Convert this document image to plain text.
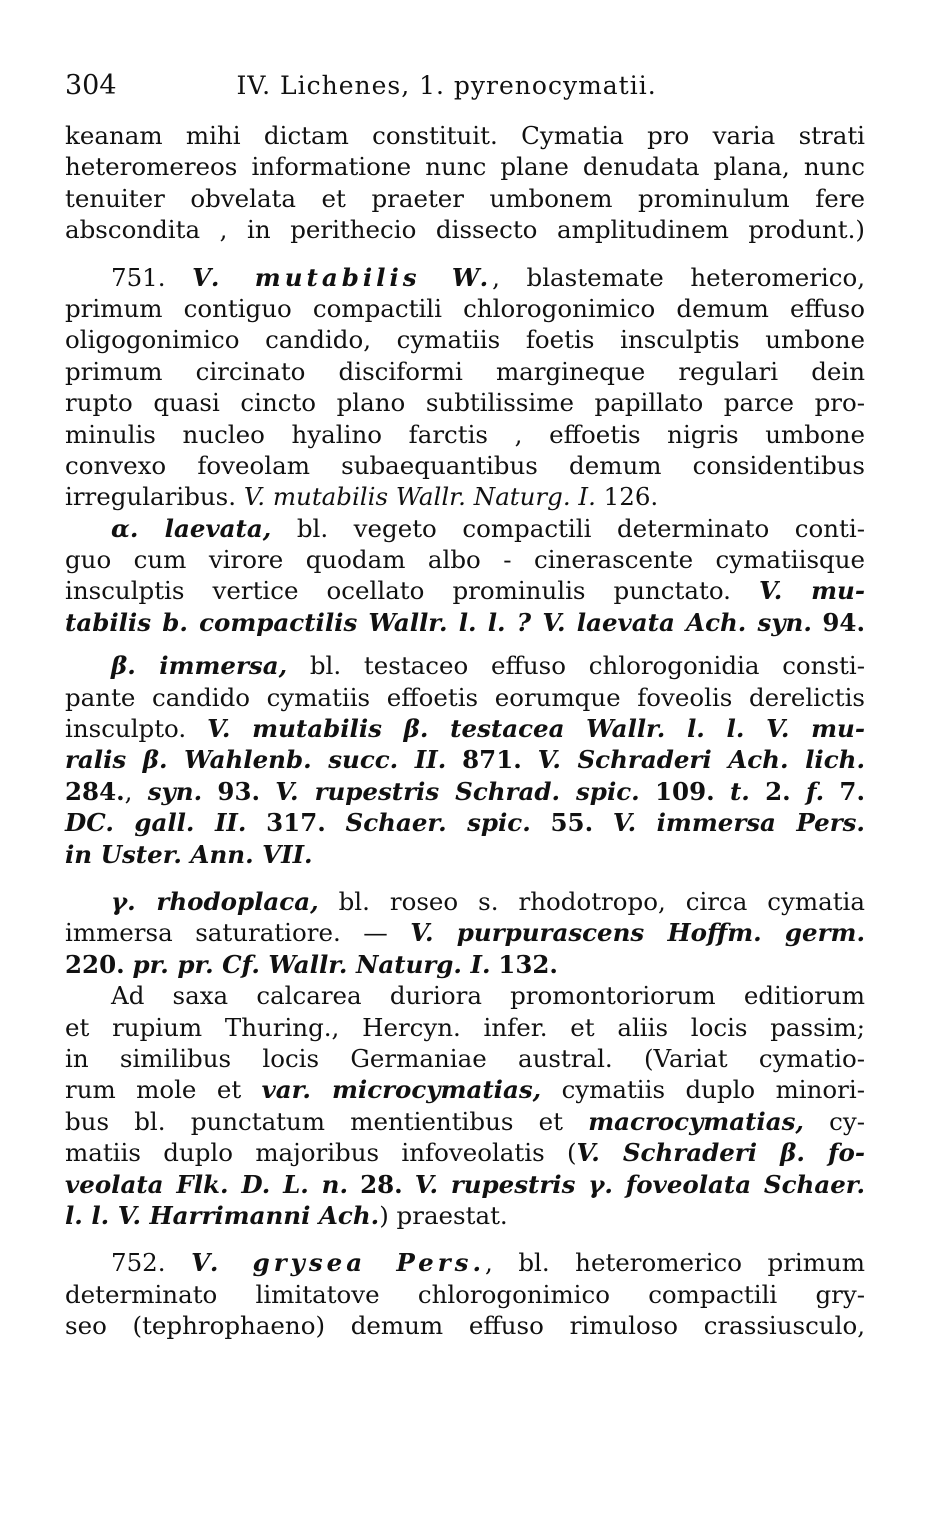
304	IV. Lichenes, 1. pyrenocymatii.
keanam mihi dictam constituit. Cymatia pro varia strati
heteromereos informatione nunc plane denudata plana, nunc
tenuiter obvelata et praeter umbonem prominulum fere
abscondita , in perithecio dissecto amplitudinem produnt.)
751. V. mutabilis W., blastemate heteromerico,
primum contiguo compactili chlorogonimico demum effuso
oligogonimico candido, cymatiis foetis insculptis umbone
primum circinato disciformi margineque regulari dein
rupto quasi cincto plano subtilissime papillato parce pro-
minulis nucleo hyalino farctis , effoetis nigris umbone
convexo foveolam subaequantibus demum considentibus
irregularibus. V. mutabilis Wallr. Naturg. I. 126.
α. laevata, bl. vegeto compactili determinato conti-
guo cum virore quodam albo - cinerascente cymatiisque
insculptis vertice ocellato prominulis punctato. V. mu-
tabilis b. compactilis Wallr. l. l. ? V. laevata Ach. syn. 94.
β. immersa, bl. testaceo effuso chlorogonidia consti-
pante candido cymatiis effoetis eorumque foveolis derelictis
insculpto. V. mutabilis β. testacea Wallr. l. l. V. mu-
ralis β. Wahlenb. succ. II. 871. V. Schraderi Ach. lich.
284., syn. 93. V. rupestris Schrad. spic. 109. t. 2. f. 7.
DC. gall. II. 317. Schaer. spic. 55. V. immersa Pers.
in Uster. Ann. VII.
γ. rhodoplaca, bl. roseo s. rhodotropo, circa cymatia
immersa saturatiore. — V. purpurascens Hoffm. germ.
220. pr. pr. Cf. Wallr. Naturg. I. 132.
Ad saxa calcarea duriora promontoriorum editiorum
et rupium Thuring., Hercyn. infer. et aliis locis passim;
in similibus locis Germaniae austral. (Variat cymatio-
rum mole et var. microcymatias, cymatiis duplo minori-
bus bl. punctatum mentientibus et macrocymatias, cy-
matiis duplo majoribus infoveolatis (V. Schraderi β. fo-
veolata Flk. D. L. n. 28. V. rupestris γ. foveolata Schaer.
l. l. V. Harrimanni Ach.) praestat.
752. V. grysea Pers., bl. heteromerico primum
determinato limitatove chlorogonimico compactili gry-
seo (tephrophaeno) demum effuso rimuloso crassiusculo,
